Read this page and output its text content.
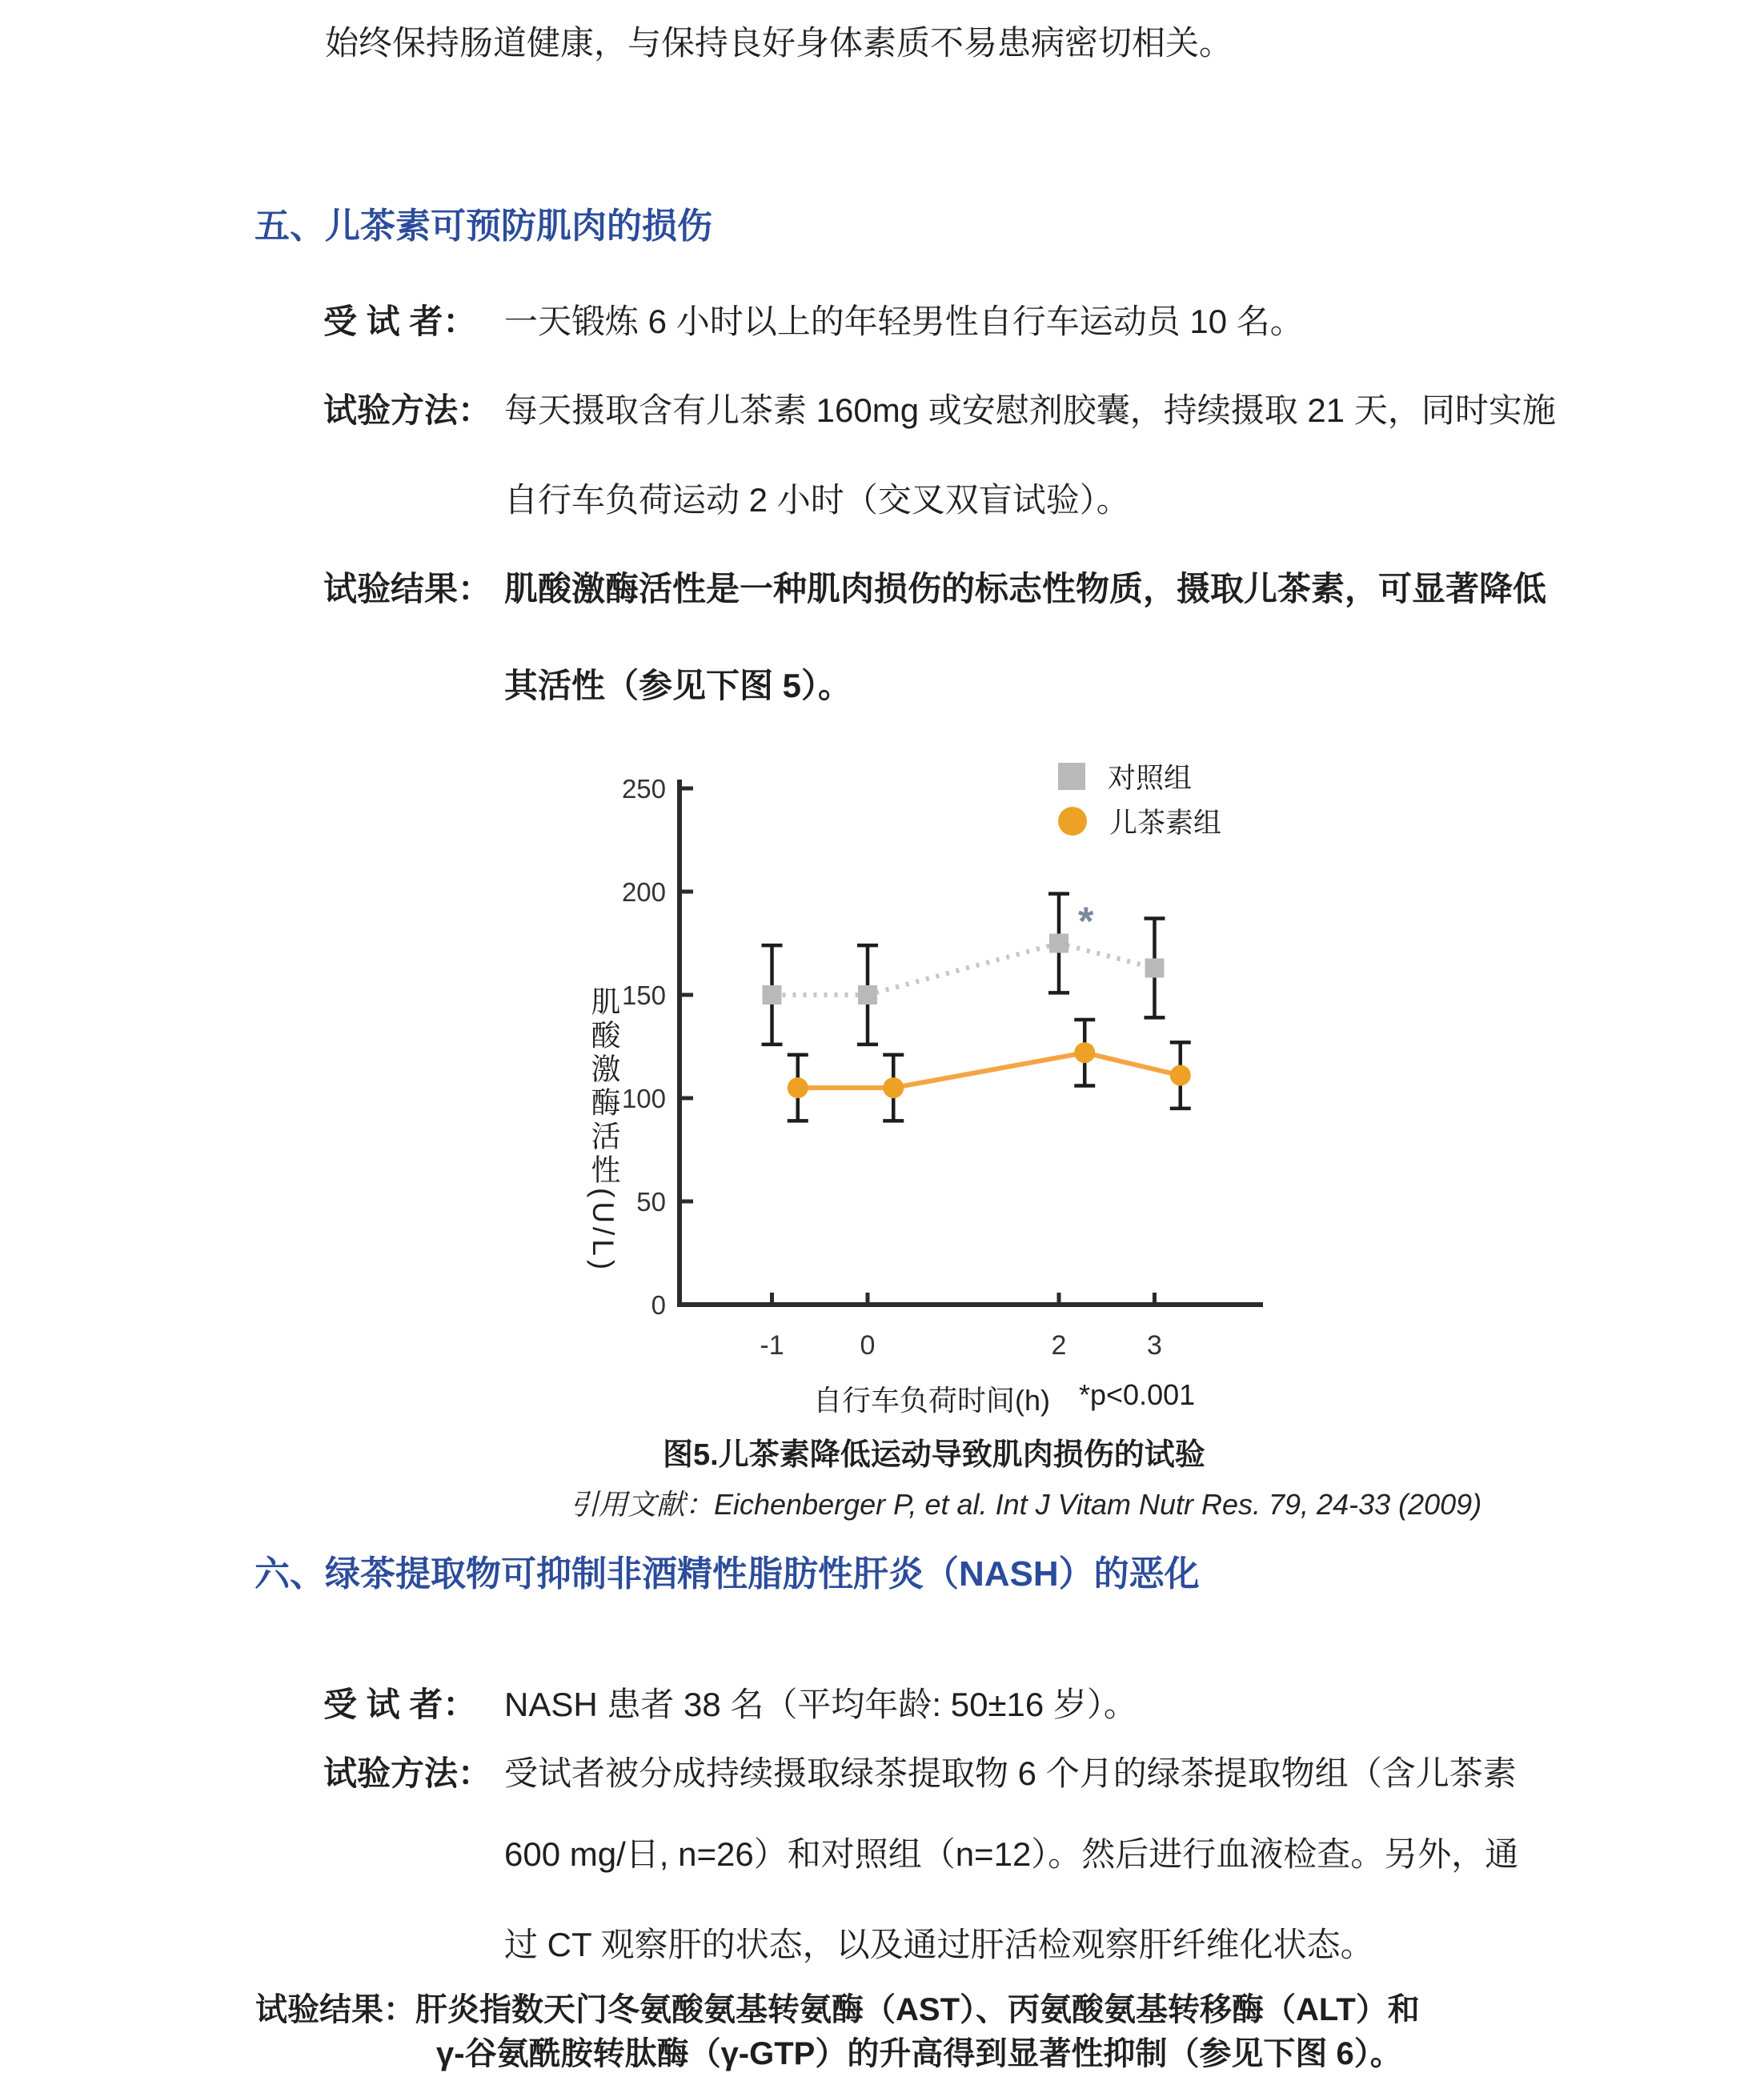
始终保持肠道健康，与保持良好身体素质不易患病密切相关。
五、儿茶素可预防肌肉的损伤
受 试 者： 一天锻炼 6 小时以上的年轻男性自行车运动员 10 名。
试验方法： 每天摄取含有儿茶素 160mg 或安慰剂胶囊，持续摄取 21 天，同时实施
自行车负荷运动 2 小时（交叉双盲试验）。
试验结果： 肌酸激酶活性是一种肌肉损伤的标志性物质，摄取儿茶素，可显著降低
其活性（参见下图 5）。
0
50
100
150
200
250
-1	0	2	3
*
肌酸激酶活性(U/L)
自行车负荷时间(h) *p<0.001
对照组
儿茶素组
图5.儿茶素降低运动导致肌肉损伤的试验
引用文献：Eichenberger P, et al. Int J Vitam Nutr Res. 79, 24-33 (2009)
六、绿茶提取物可抑制非酒精性脂肪性肝炎（NASH）的恶化
受 试 者： NASH 患者 38 名（平均年龄: 50±16 岁）。
试验方法： 受试者被分成持续摄取绿茶提取物 6 个月的绿茶提取物组（含儿茶素
600 mg/日, n=26）和对照组（n=12）。然后进行血液检查。另外，通
过 CT 观察肝的状态，以及通过肝活检观察肝纤维化状态。
试验结果：肝炎指数天门冬氨酸氨基转氨酶（AST）、丙氨酸氨基转移酶（ALT）和
γ-谷氨酰胺转肽酶（γ-GTP）的升高得到显著性抑制（参见下图 6）。
